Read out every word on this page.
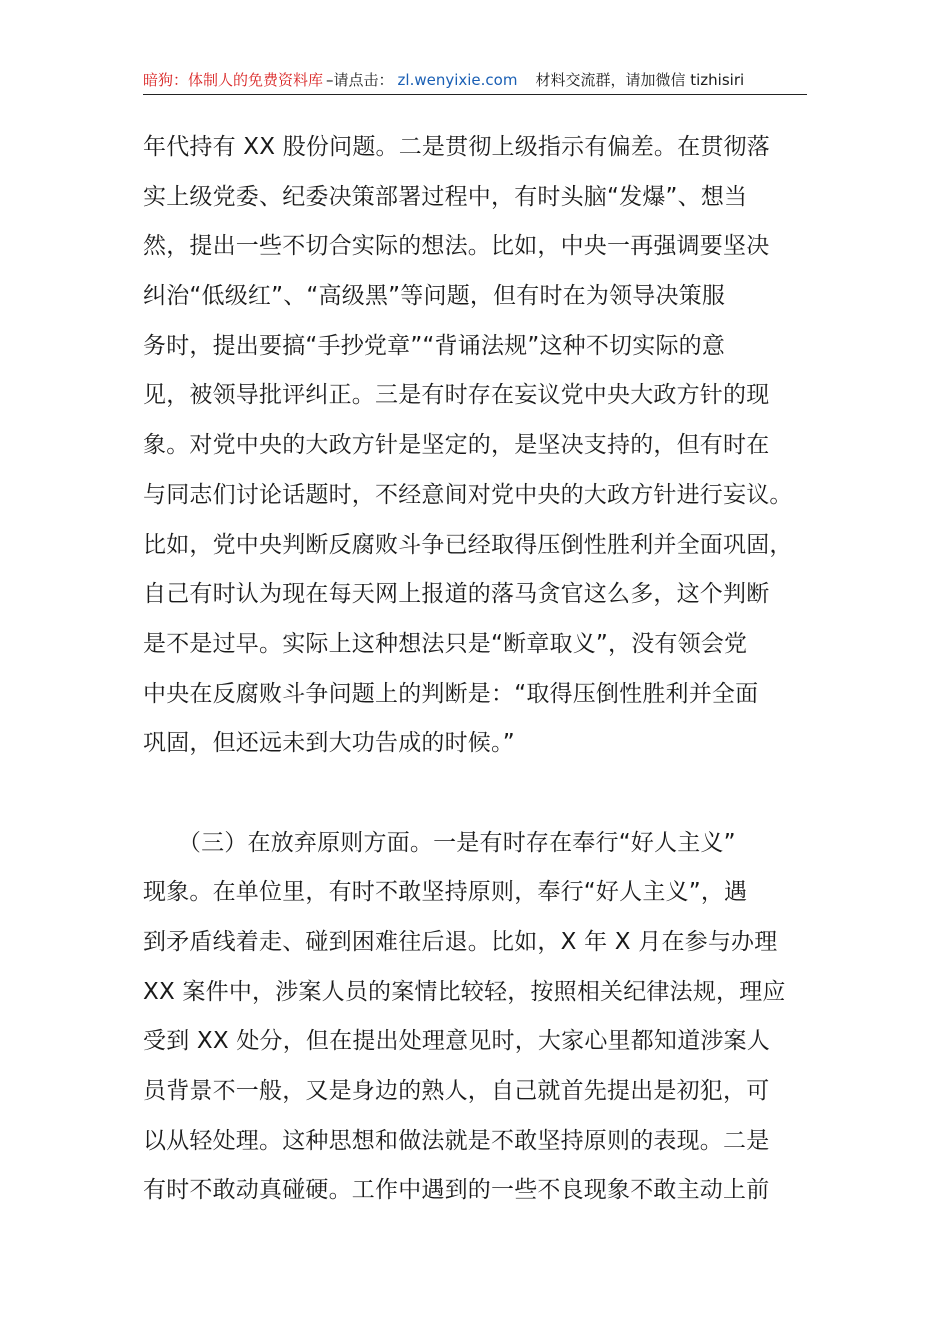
暗狗：体制人的免费资料库 –请点击： zl.wenyixie.com 材料交流群，请加微信 tizhisiri
年代持有 XX 股份问题。二是贯彻上级指示有偏差。在贯彻落
实上级党委、纪委决策部署过程中，有时头脑“发爆”、想当
然，提出一些不切合实际的想法。比如，中央一再强调要坚决
纠治“低级红”、“高级黑”等问题，但有时在为领导决策服
务时，提出要搞“手抄党章”“背诵法规”这种不切实际的意
见，被领导批评纠正。三是有时存在妄议党中央大政方针的现
象。对党中央的大政方针是坚定的，是坚决支持的，但有时在
与同志们讨论话题时，不经意间对党中央的大政方针进行妄议。
比如，党中央判断反腐败斗争已经取得压倒性胜利并全面巩固，
自己有时认为现在每天网上报道的落马贪官这么多，这个判断
是不是过早。实际上这种想法只是“断章取义”，没有领会党
中央在反腐败斗争问题上的判断是：“取得压倒性胜利并全面
巩固，但还远未到大功告成的时候。”
　　（三）在放弃原则方面。一是有时存在奉行“好人主义”
现象。在单位里，有时不敢坚持原则，奉行“好人主义”，遇
到矛盾线着走、碰到困难往后退。比如，X 年 X 月在参与办理
XX 案件中，涉案人员的案情比较轻，按照相关纪律法规，理应
受到 XX 处分，但在提出处理意见时，大家心里都知道涉案人
员背景不一般，又是身边的熟人，自己就首先提出是初犯，可
以从轻处理。这种思想和做法就是不敢坚持原则的表现。二是
有时不敢动真碰硬。工作中遇到的一些不良现象不敢主动上前
